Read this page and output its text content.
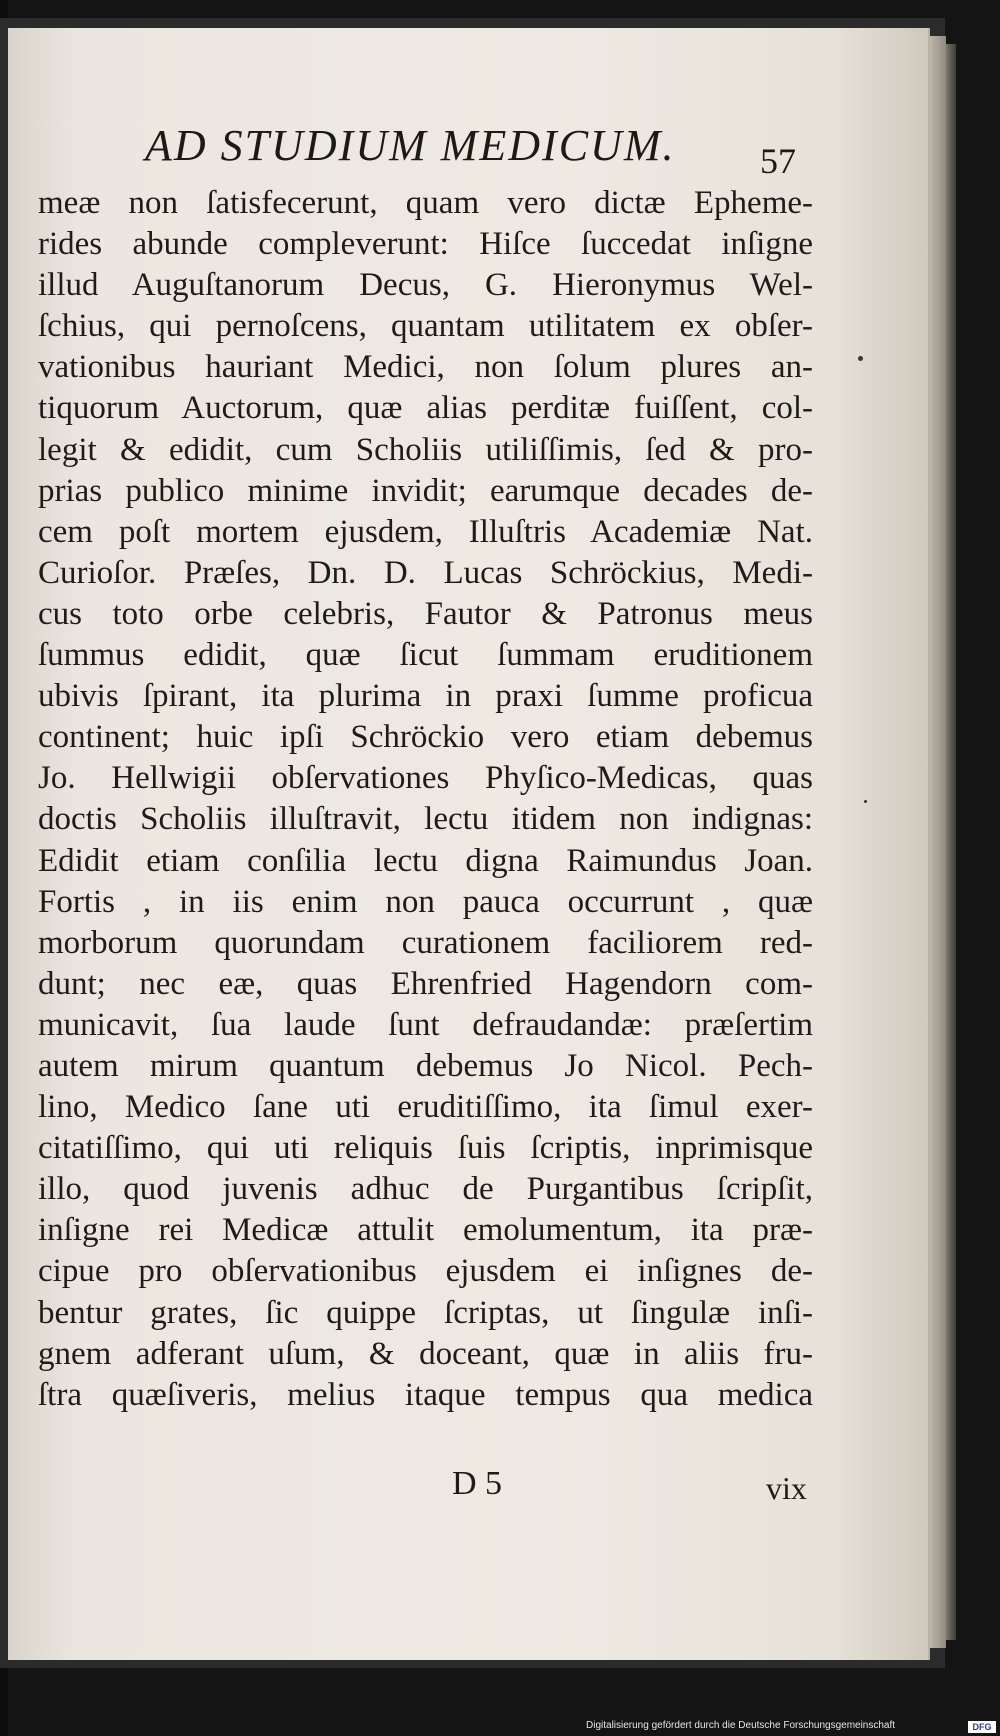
AD STUDIUM MEDICUM.	57
meæ non ſatisfecerunt, quam vero dictæ Epheme-
rides abunde compleverunt: Hiſce ſuccedat inſigne
illud Auguſtanorum Decus, G. Hieronymus Wel-
ſchius, qui pernoſcens, quantam utilitatem ex obſer-
vationibus hauriant Medici, non ſolum plures an-
tiquorum Auctorum, quæ alias perditæ fuiſſent, col-
legit & edidit, cum Scholiis utiliſſimis, ſed & pro-
prias publico minime invidit; earumque decades de-
cem poſt mortem ejusdem, Illuſtris Academiæ Nat.
Curioſor. Præſes, Dn. D. Lucas Schröckius, Medi-
cus toto orbe celebris, Fautor & Patronus meus
ſummus edidit, quæ ſicut ſummam eruditionem
ubivis ſpirant, ita plurima in praxi ſumme proficua
continent; huic ipſi Schröckio vero etiam debemus
Jo. Hellwigii obſervationes Phyſico-Medicas, quas
doctis Scholiis illuſtravit, lectu itidem non indignas:
Edidit etiam conſilia lectu digna Raimundus Joan.
Fortis , in iis enim non pauca occurrunt , quæ
morborum quorundam curationem faciliorem red-
dunt; nec eæ, quas Ehrenfried Hagendorn com-
municavit, ſua laude ſunt defraudandæ: præſertim
autem mirum quantum debemus Jo Nicol. Pech-
lino, Medico ſane uti eruditiſſimo, ita ſimul exer-
citatiſſimo, qui uti reliquis ſuis ſcriptis, inprimisque
illo, quod juvenis adhuc de Purgantibus ſcripſit,
inſigne rei Medicæ attulit emolumentum, ita præ-
cipue pro obſervationibus ejusdem ei inſignes de-
bentur grates, ſic quippe ſcriptas, ut ſingulæ inſi-
gnem adferant uſum, & doceant, quæ in aliis fru-
ſtra quæſiveris, melius itaque tempus qua medica
D 5	vix
Digitalisierung gefördert durch die Deutsche Forschungsgemeinschaft	DFG
